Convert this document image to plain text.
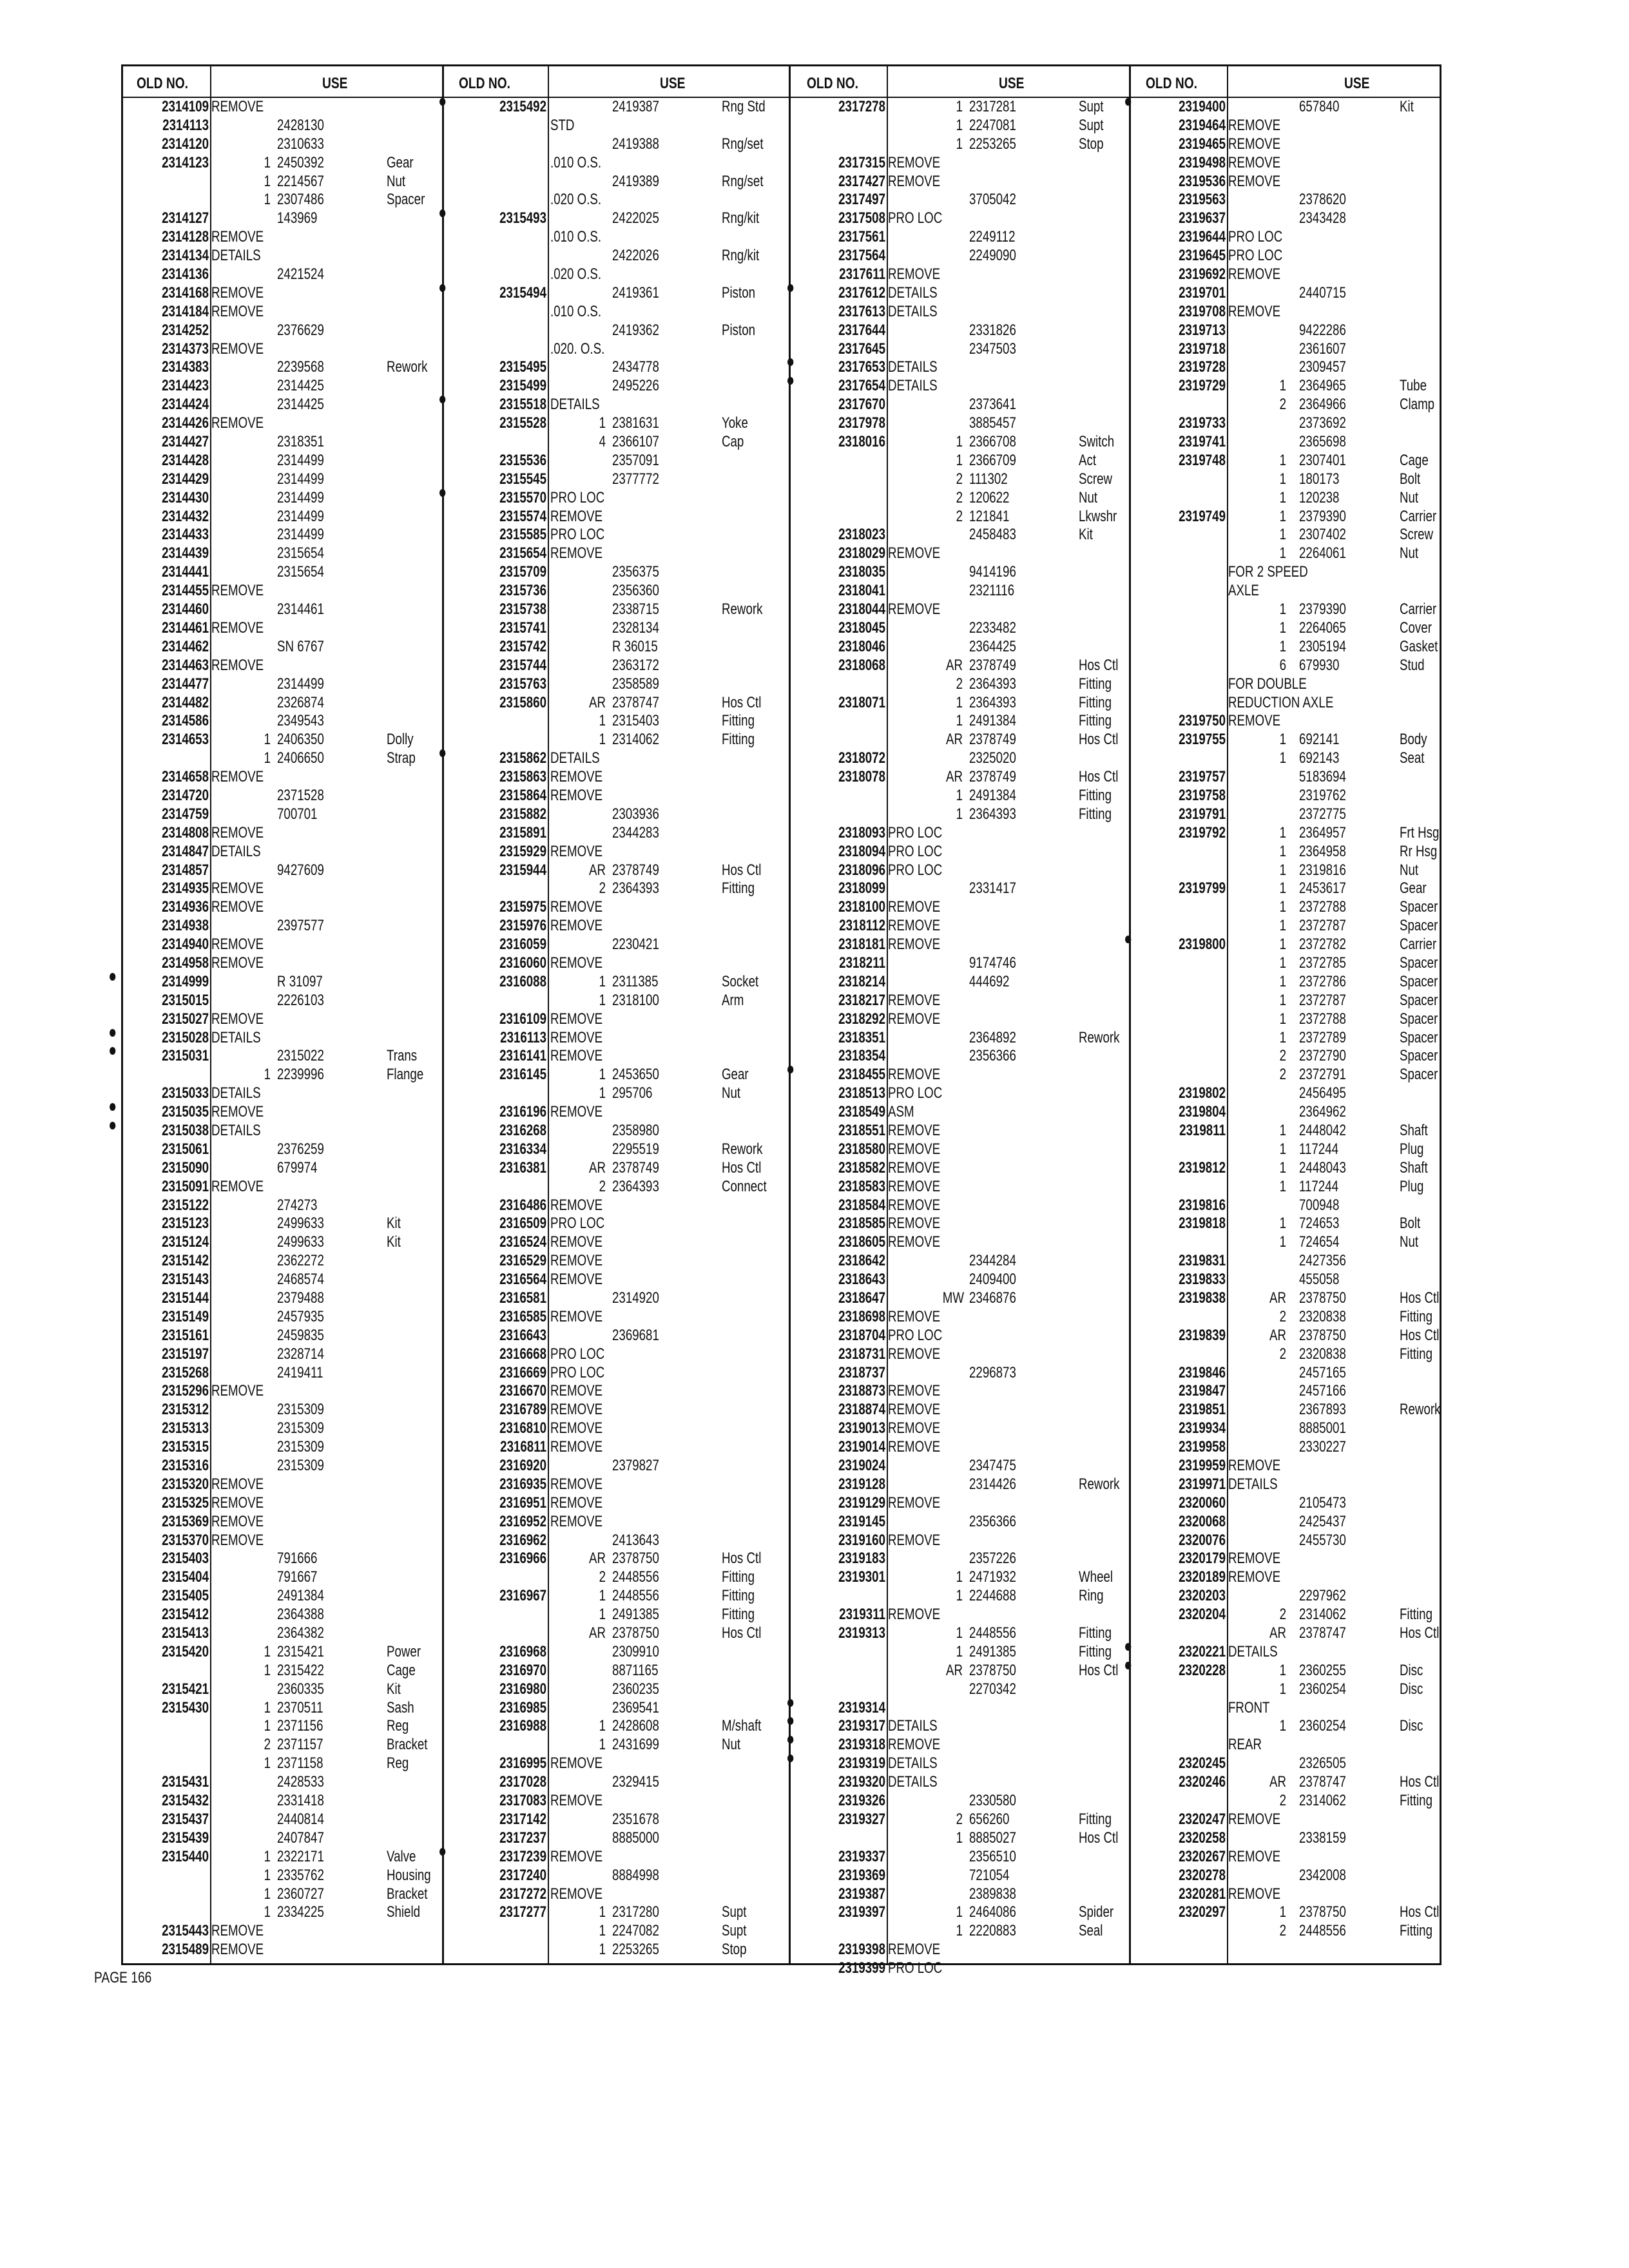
OLD NO.	USE	OLD NO.	USE	OLD NO.	USE	OLD NO.	USE
2314109 REMOVE
2314113	2428130
2314120	2310633
2314123	1 2450392	Gear
1 2214567	Nut
1 2307486	Spacer
2314127	143969
2314128 REMOVE
2314134 DETAILS
2314136	2421524
2314168 REMOVE
2314184 REMOVE
2314252	2376629
2314373 REMOVE
2314383	2239568	Rework
2314423	2314425
2314424	2314425
2314426 REMOVE
2314427	2318351
2314428	2314499
2314429	2314499
2314430	2314499
2314432	2314499
2314433	2314499
2314439	2315654
2314441	2315654
2314455 REMOVE
2314460	2314461
2314461 REMOVE
2314462	SN 6767
2314463 REMOVE
2314477	2314499
2314482	2326874
2314586	2349543
2314653	1 2406350	Dolly
1 2406650	Strap
2314658 REMOVE
2314720	2371528
2314759	700701
2314808 REMOVE
2314847 DETAILS
2314857	9427609
2314935 REMOVE
2314936 REMOVE
2314938	2397577
2314940 REMOVE
2314958 REMOVE
2314999	R 31097
2315015	2226103
2315027 REMOVE
2315028 DETAILS
2315031	2315022	Trans
1 2239996	Flange
2315033 DETAILS
2315035 REMOVE
2315038 DETAILS
2315061	2376259
2315090	679974
2315091 REMOVE
2315122	274273
2315123	2499633	Kit
2315124	2499633	Kit
2315142	2362272
2315143	2468574
2315144	2379488
2315149	2457935
2315161	2459835
2315197	2328714
2315268	2419411
2315296 REMOVE
2315312	2315309
2315313	2315309
2315315	2315309
2315316	2315309
2315320 REMOVE
2315325 REMOVE
2315369 REMOVE
2315370 REMOVE
2315403	791666
2315404	791667
2315405	2491384
2315412	2364388
2315413	2364382
2315420	1 2315421	Power
1 2315422	Cage
2315421	2360335	Kit
2315430	1 2370511	Sash
1 2371156	Reg
2 2371157	Bracket
1 2371158	Reg
2315431	2428533
2315432	2331418
2315437	2440814
2315439	2407847
2315440	1 2322171	Valve
1 2335762	Housing
1 2360727	Bracket
1 2334225	Shield
2315443 REMOVE
2315489 REMOVE
2315492	2419387	Rng Std
STD
2419388	Rng/set
.010 O.S.
2419389	Rng/set
.020 O.S.
2315493	2422025	Rng/kit
.010 O.S.
2422026	Rng/kit
.020 O.S.
2315494	2419361	Piston
.010 O.S.
2419362	Piston
.020. O.S.
2315495	2434778
2315499	2495226
2315518 DETAILS
2315528	1 2381631	Yoke
4 2366107	Cap
2315536	2357091
2315545	2377772
2315570 PRO LOC
2315574 REMOVE
2315585 PRO LOC
2315654 REMOVE
2315709	2356375
2315736	2356360
2315738	2338715	Rework
2315741	2328134
2315742	R 36015
2315744	2363172
2315763	2358589
2315860	AR 2378747	Hos Ctl
1 2315403	Fitting
1 2314062	Fitting
2315862 DETAILS
2315863 REMOVE
2315864 REMOVE
2315882	2303936
2315891	2344283
2315929 REMOVE
2315944	AR 2378749	Hos Ctl
2 2364393	Fitting
2315975 REMOVE
2315976 REMOVE
2316059	2230421
2316060 REMOVE
2316088	1 2311385	Socket
1 2318100	Arm
2316109 REMOVE
2316113 REMOVE
2316141 REMOVE
2316145	1 2453650	Gear
1 295706	Nut
2316196 REMOVE
2316268	2358980
2316334	2295519	Rework
2316381	AR 2378749	Hos Ctl
2 2364393	Connect
2316486 REMOVE
2316509 PRO LOC
2316524 REMOVE
2316529 REMOVE
2316564 REMOVE
2316581	2314920
2316585 REMOVE
2316643	2369681
2316668 PRO LOC
2316669 PRO LOC
2316670 REMOVE
2316789 REMOVE
2316810 REMOVE
2316811 REMOVE
2316920	2379827
2316935 REMOVE
2316951 REMOVE
2316952 REMOVE
2316962	2413643
2316966	AR 2378750	Hos Ctl
2 2448556	Fitting
2316967	1 2448556	Fitting
1 2491385	Fitting
AR 2378750	Hos Ctl
2316968	2309910
2316970	8871165
2316980	2360235
2316985	2369541
2316988	1 2428608	M/shaft
1 2431699	Nut
2316995 REMOVE
2317028	2329415
2317083 REMOVE
2317142	2351678
2317237	8885000
2317239 REMOVE
2317240	8884998
2317272 REMOVE
2317277	1 2317280	Supt
1 2247082	Supt
1 2253265	Stop
2317278	1 2317281	Supt
1 2247081	Supt
1 2253265	Stop
2317315 REMOVE
2317427 REMOVE
2317497	3705042
2317508 PRO LOC
2317561	2249112
2317564	2249090
2317611 REMOVE
2317612 DETAILS
2317613 DETAILS
2317644	2331826
2317645	2347503
2317653 DETAILS
2317654 DETAILS
2317670	2373641
2317978	3885457
2318016	1 2366708	Switch
1 2366709	Act
2 111302	Screw
2 120622	Nut
2 121841	Lkwshr
2318023	2458483	Kit
2318029 REMOVE
2318035	9414196
2318041	2321116
2318044 REMOVE
2318045	2233482
2318046	2364425
2318068	AR 2378749	Hos Ctl
2 2364393	Fitting
2318071	1 2364393	Fitting
1 2491384	Fitting
AR 2378749	Hos Ctl
2318072	2325020
2318078	AR 2378749	Hos Ctl
1 2491384	Fitting
1 2364393	Fitting
2318093 PRO LOC
2318094 PRO LOC
2318096 PRO LOC
2318099	2331417
2318100 REMOVE
2318112 REMOVE
2318181 REMOVE
2318211	9174746
2318214	444692
2318217 REMOVE
2318292 REMOVE
2318351	2364892	Rework
2318354	2356366
2318455 REMOVE
2318513 PRO LOC
2318549 ASM
2318551 REMOVE
2318580 REMOVE
2318582 REMOVE
2318583 REMOVE
2318584 REMOVE
2318585 REMOVE
2318605 REMOVE
2318642	2344284
2318643	2409400
2318647	MW 2346876
2318698 REMOVE
2318704 PRO LOC
2318731 REMOVE
2318737	2296873
2318873 REMOVE
2318874 REMOVE
2319013 REMOVE
2319014 REMOVE
2319024	2347475
2319128	2314426	Rework
2319129 REMOVE
2319145	2356366
2319160 REMOVE
2319183	2357226
2319301	1 2471932	Wheel
1 2244688	Ring
2319311 REMOVE
2319313	1 2448556	Fitting
1 2491385	Fitting
AR 2378750	Hos Ctl
2270342
2319314
2319317 DETAILS
2319318 REMOVE
2319319 DETAILS
2319320 DETAILS
2319326	2330580
2319327	2 656260	Fitting
1 8885027	Hos Ctl
2319337	2356510
2319369	721054
2319387	2389838
2319397	1 2464086	Spider
1 2220883	Seal
2319398 REMOVE
2319399 PRO LOC
2319400	657840	Kit
2319464 REMOVE
2319465 REMOVE
2319498 REMOVE
2319536 REMOVE
2319563	2378620
2319637	2343428
2319644 PRO LOC
2319645 PRO LOC
2319692 REMOVE
2319701	2440715
2319708 REMOVE
2319713	9422286
2319718	2361607
2319728	2309457
2319729	1 2364965	Tube
2 2364966	Clamp
2319733	2373692
2319741	2365698
2319748	1 2307401	Cage
1 180173	Bolt
1 120238	Nut
2319749	1 2379390	Carrier
1 2307402	Screw
1 2264061	Nut
FOR 2 SPEED
AXLE
1 2379390	Carrier
1 2264065	Cover
1 2305194	Gasket
6 679930	Stud
FOR DOUBLE
REDUCTION AXLE
2319750 REMOVE
2319755	1 692141	Body
1 692143	Seat
2319757	5183694
2319758	2319762
2319791	2372775
2319792	1 2364957	Frt Hsg
1 2364958	Rr Hsg
1 2319816	Nut
2319799	1 2453617	Gear
1 2372788	Spacer
1 2372787	Spacer
2319800	1 2372782	Carrier
1 2372785	Spacer
1 2372786	Spacer
1 2372787	Spacer
1 2372788	Spacer
1 2372789	Spacer
2 2372790	Spacer
2 2372791	Spacer
2319802	2456495
2319804	2364962
2319811	1 2448042	Shaft
1 117244	Plug
2319812	1 2448043	Shaft
1 117244	Plug
2319816	700948
2319818	1 724653	Bolt
1 724654	Nut
2319831	2427356
2319833	455058
2319838	AR 2378750	Hos Ctl
2 2320838	Fitting
2319839	AR 2378750	Hos Ctl
2 2320838	Fitting
2319846	2457165
2319847	2457166
2319851	2367893	Rework
2319934	8885001
2319958	2330227
2319959 REMOVE
2319971 DETAILS
2320060	2105473
2320068	2425437
2320076	2455730
2320179 REMOVE
2320189 REMOVE
2320203	2297962
2320204	2 2314062	Fitting
AR 2378747	Hos Ctl
2320221 DETAILS
2320228	1 2360255	Disc
1 2360254	Disc
FRONT
1 2360254	Disc
REAR
2320245	2326505
2320246	AR 2378747	Hos Ctl
2 2314062	Fitting
2320247 REMOVE
2320258	2338159
2320267 REMOVE
2320278	2342008
2320281 REMOVE
2320297	1 2378750	Hos Ctl
2 2448556	Fitting
PAGE 166
